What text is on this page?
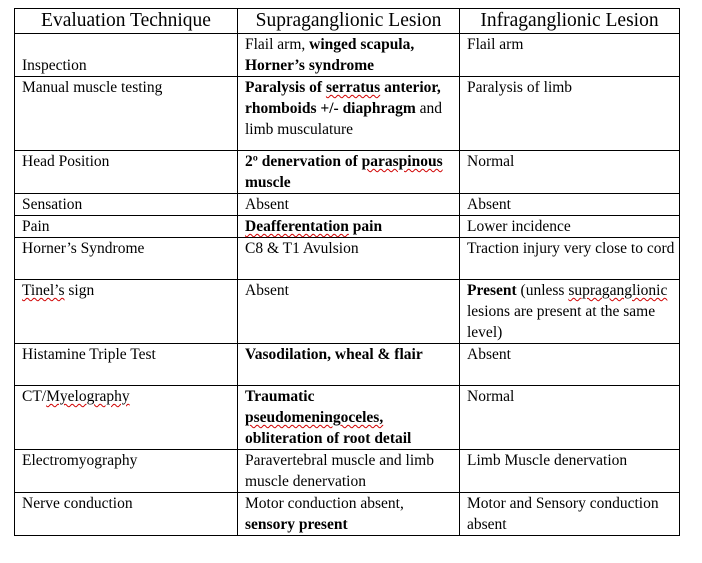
Evaluation Technique	Supraganglionic Lesion	Infraganglionic Lesion
Inspection	Flail arm, winged scapula, Horner’s syndrome	Flail arm
Manual muscle testing	Paralysis of serratus anterior, rhomboids +/- diaphragm and limb musculature	Paralysis of limb
Head Position	2º denervation of paraspinous muscle	Normal
Sensation	Absent	Absent
Pain	Deafferentation pain	Lower incidence
Horner’s Syndrome	C8 & T1 Avulsion	Traction injury very close to cord
Tinel’s sign	Absent	Present (unless supraganglionic lesions are present at the same level)
Histamine Triple Test	Vasodilation, wheal & flair	Absent
CT/Myelography	Traumatic pseudomeningoceles, obliteration of root detail	Normal
Electromyography	Paravertebral muscle and limb muscle denervation	Limb Muscle denervation
Nerve conduction	Motor conduction absent, sensory present	Motor and Sensory conduction absent
